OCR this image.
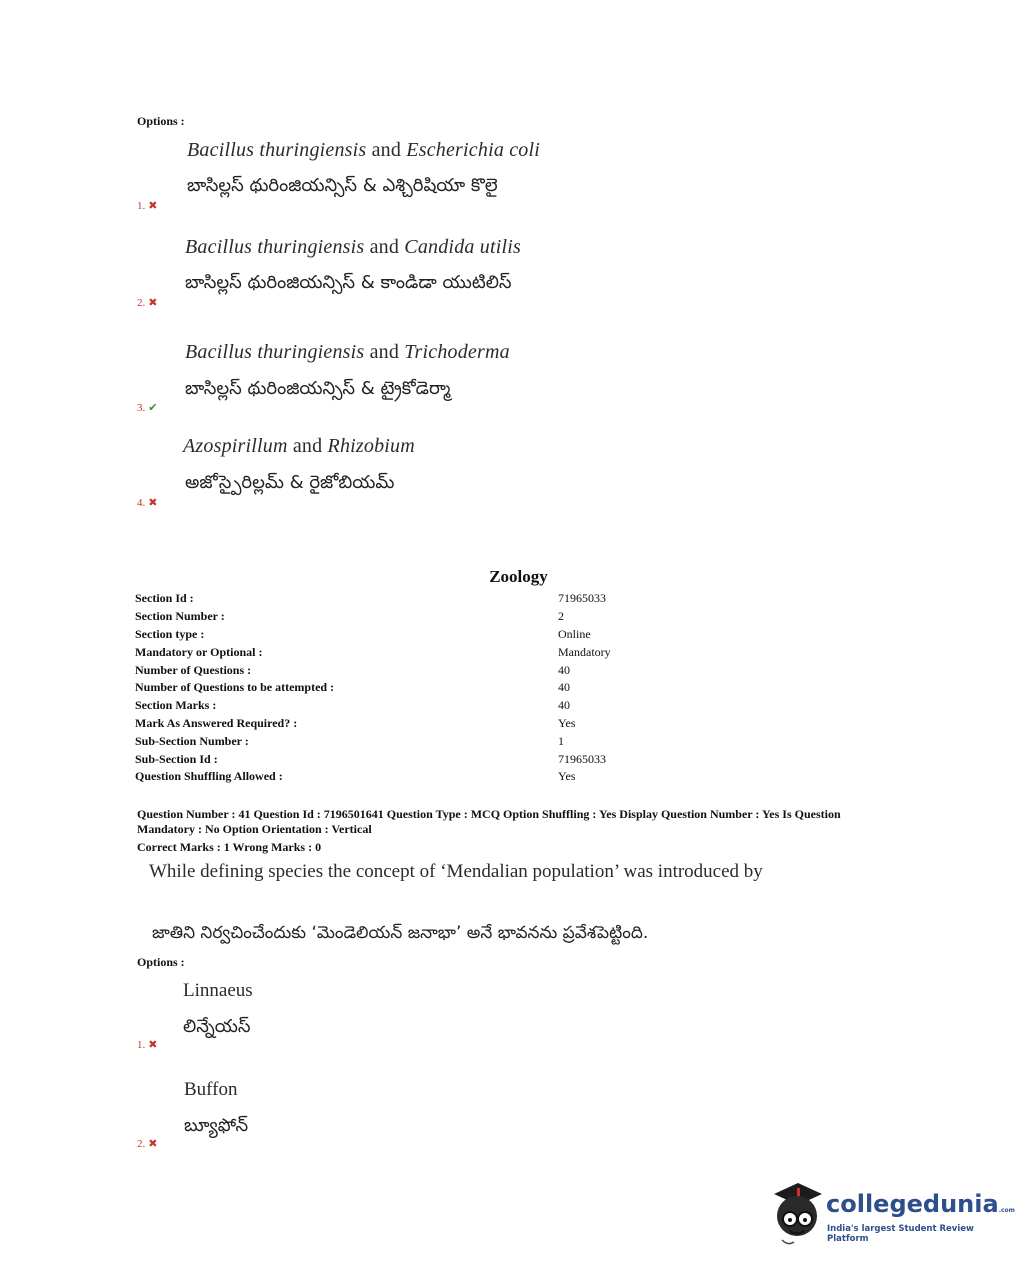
Options :
Bacillus thuringiensis and Escherichia coli
బాసిల్లస్ థురింజియన్సిస్ & ఎశ్చిరిషియా కొలై
1. ✖
Bacillus thuringiensis and Candida utilis
బాసిల్లస్ థురింజియన్సిస్ & కాండిడా యుటిలిస్
2. ✖
Bacillus thuringiensis and Trichoderma
బాసిల్లస్ థురింజియన్సిస్ & ట్రైకోడెర్మా
3. ✔
Azospirillum and Rhizobium
అజోస్పైరిల్లమ్ & రైజోబియమ్
4. ✖
Zoology
Section Id :	71965033
Section Number :	2
Section type :	Online
Mandatory or Optional :	Mandatory
Number of Questions :	40
Number of Questions to be attempted :	40
Section Marks :	40
Mark As Answered Required? :	Yes
Sub-Section Number :	1
Sub-Section Id :	71965033
Question Shuffling Allowed :	Yes
Question Number : 41 Question Id : 7196501641 Question Type : MCQ Option Shuffling : Yes Display Question Number : Yes Is Question
Mandatory : No Option Orientation : Vertical
Correct Marks : 1 Wrong Marks : 0
While defining species the concept of ‘Mendalian population’ was introduced by
జాతిని నిర్వచించేందుకు ‘మెండెలియన్ జనాభా’ అనే భావనను ప్రవేశపెట్టింది.
Options :
Linnaeus
లిన్నేయస్
1. ✖
Buffon
బ్యూఫోన్
2. ✖
collegedunia.com
India's largest Student Review Platform
